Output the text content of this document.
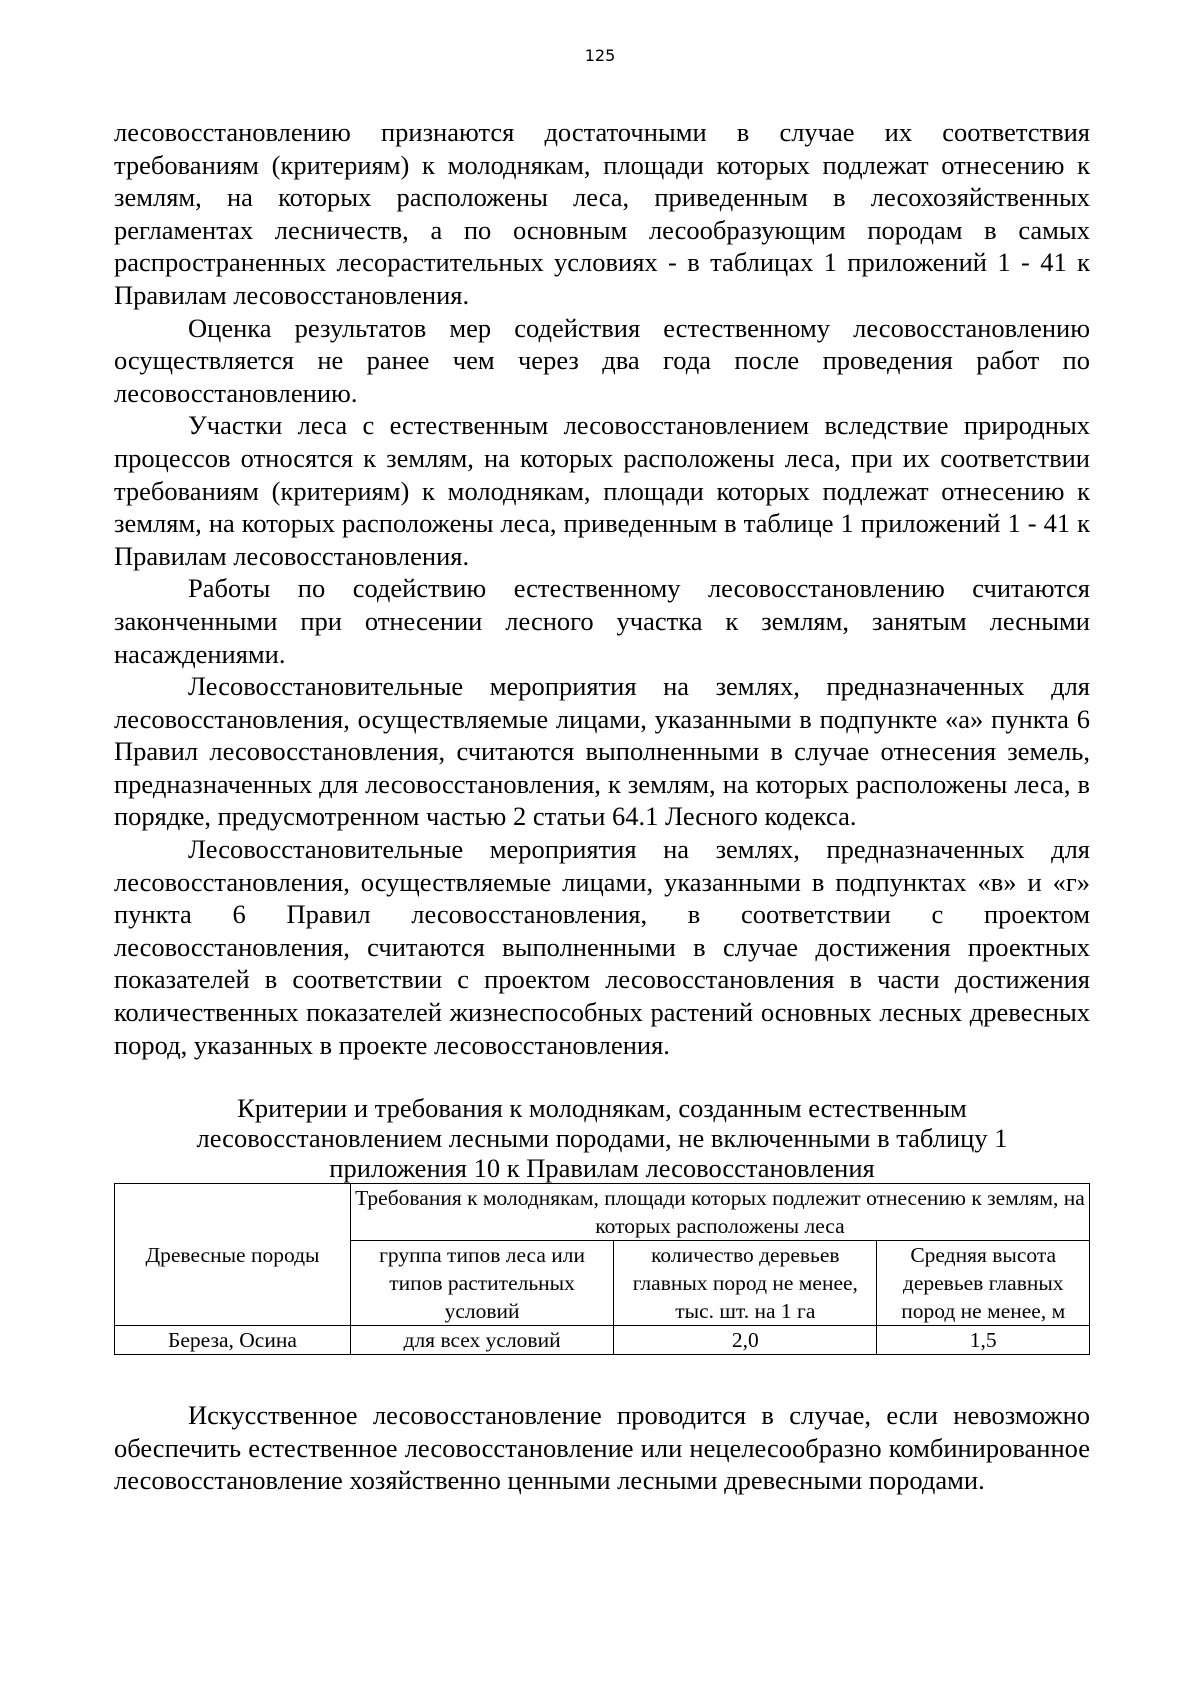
125

лесовосстановлению признаются достаточными в случае их соответствия требованиям (критериям) к молоднякам, площади которых подлежат отнесению к землям, на которых расположены леса, приведенным в лесохозяйственных регламентах лесничеств, а по основным лесообразующим породам в самых распространенных лесорастительных условиях - в таблицах 1 приложений 1 - 41 к Правилам лесовосстановления.

Оценка результатов мер содействия естественному лесовосстановлению осуществляется не ранее чем через два года после проведения работ по лесовосстановлению.

Участки леса с естественным лесовосстановлением вследствие природных процессов относятся к землям, на которых расположены леса, при их соответствии требованиям (критериям) к молоднякам, площади которых подлежат отнесению к землям, на которых расположены леса, приведенным в таблице 1 приложений 1 - 41 к Правилам лесовосстановления.

Работы по содействию естественному лесовосстановлению считаются законченными при отнесении лесного участка к землям, занятым лесными насаждениями.

Лесовосстановительные мероприятия на землях, предназначенных для лесовосстановления, осуществляемые лицами, указанными в подпункте «а» пункта 6 Правил лесовосстановления, считаются выполненными в случае отнесения земель, предназначенных для лесовосстановления, к землям, на которых расположены леса, в порядке, предусмотренном частью 2 статьи 64.1 Лесного кодекса.

Лесовосстановительные мероприятия на землях, предназначенных для лесовосстановления, осуществляемые лицами, указанными в подпунктах «в» и «г» пункта 6 Правил лесовосстановления, в соответствии с проектом лесовосстановления, считаются выполненными в случае достижения проектных показателей в соответствии с проектом лесовосстановления в части достижения количественных показателей жизнеспособных растений основных лесных древесных пород, указанных в проекте лесовосстановления.

Критерии и требования к молоднякам, созданным естественным
лесовосстановлением лесными породами, не включенными в таблицу 1
приложения 10 к Правилам лесовосстановления
Древесные породы	Требования к молоднякам, площади которых подлежит отнесению к землям, на которых расположены леса		
	группа типов леса или типов растительных условий	количество деревьев главных пород не менее, тыс. шт. на 1 га	Средняя высота деревьев главных пород не менее, м
Береза, Осина	для всех условий	2,0	1,5

Искусственное лесовосстановление проводится в случае, если невозможно обеспечить естественное лесовосстановление или нецелесообразно комбинированное лесовосстановление хозяйственно ценными лесными древесными породами.
